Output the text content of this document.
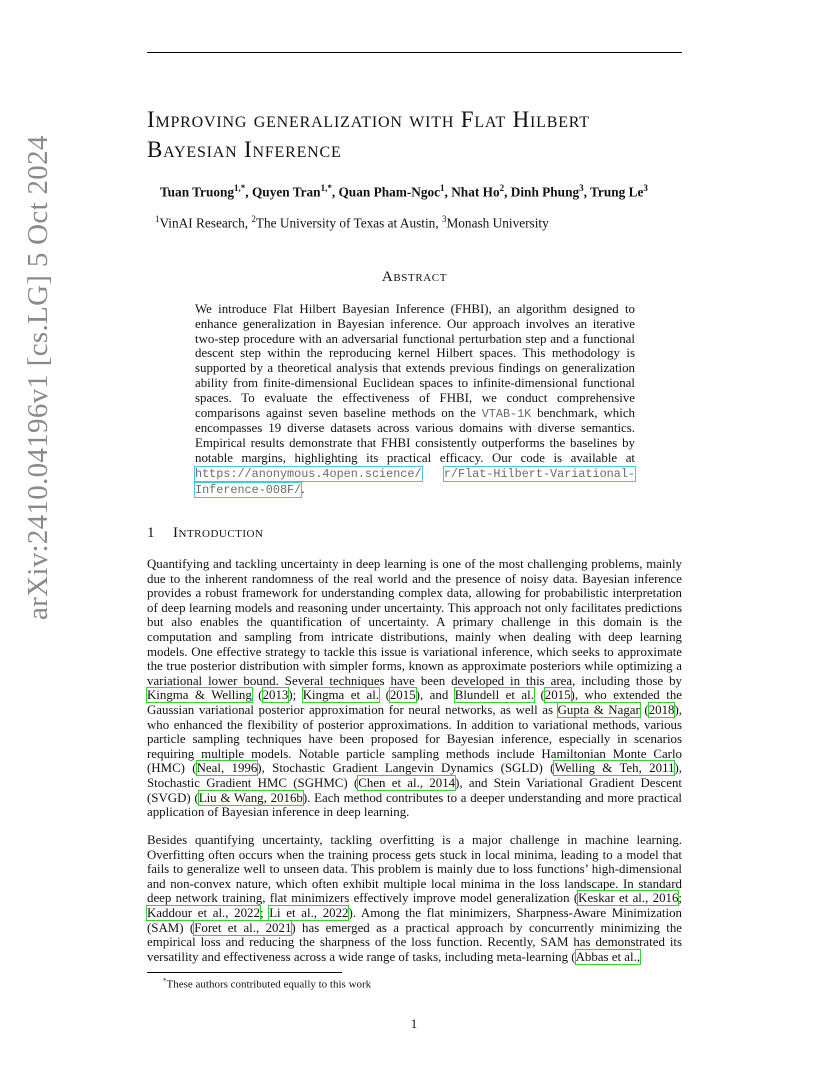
arXiv:2410.04196v1 [cs.LG] 5 Oct 2024
Improving generalization with Flat Hilbert
Bayesian Inference
Tuan Truong$^{1,*}$, Quyen Tran$^{1,*}$, Quan Pham-Ngoc$^1$, Nhat Ho$^2$, Dinh Phung$^3$, Trung Le$^3$
$^1$VinAI Research, $^2$The University of Texas at Austin, $^3$Monash University
Abstract
We introduce Flat Hilbert Bayesian Inference (FHBI), an algorithm designed to enhance generalization in Bayesian inference. Our approach involves an iterative two-step procedure with an adversarial functional perturbation step and a functional descent step within the reproducing kernel Hilbert spaces. This methodology is supported by a theoretical analysis that extends previous findings on generalization ability from finite-dimensional Euclidean spaces to infinite-dimensional functional spaces. To evaluate the effectiveness of FHBI, we conduct comprehensive comparisons against seven baseline methods on the VTAB-1K benchmark, which encompasses 19 diverse datasets across various domains with diverse semantics. Empirical results demonstrate that FHBI consistently outperforms the baselines by notable margins, highlighting its practical efficacy. Our code is available at https://anonymous.4open.science/ r/Flat-Hilbert-Variational-Inference-008F/.
1 Introduction
Quantifying and tackling uncertainty in deep learning is one of the most challenging problems, mainly due to the inherent randomness of the real world and the presence of noisy data. Bayesian inference provides a robust framework for understanding complex data, allowing for probabilistic interpretation of deep learning models and reasoning under uncertainty. This approach not only facilitates predictions but also enables the quantification of uncertainty. A primary challenge in this domain is the computation and sampling from intricate distributions, mainly when dealing with deep learning models. One effective strategy to tackle this issue is variational inference, which seeks to approximate the true posterior distribution with simpler forms, known as approximate posteriors while optimizing a variational lower bound. Several techniques have been developed in this area, including those by Kingma & Welling (2013); Kingma et al. (2015), and Blundell et al. (2015), who extended the Gaussian variational posterior approximation for neural networks, as well as Gupta & Nagar (2018), who enhanced the flexibility of posterior approximations. In addition to variational methods, various particle sampling techniques have been proposed for Bayesian inference, especially in scenarios requiring multiple models. Notable particle sampling methods include Hamiltonian Monte Carlo (HMC) (Neal, 1996), Stochastic Gradient Langevin Dynamics (SGLD) (Welling & Teh, 2011), Stochastic Gradient HMC (SGHMC) (Chen et al., 2014), and Stein Variational Gradient Descent (SVGD) (Liu & Wang, 2016b). Each method contributes to a deeper understanding and more practical application of Bayesian inference in deep learning.
Besides quantifying uncertainty, tackling overfitting is a major challenge in machine learning. Overfitting often occurs when the training process gets stuck in local minima, leading to a model that fails to generalize well to unseen data. This problem is mainly due to loss functions’ high-dimensional and non-convex nature, which often exhibit multiple local minima in the loss landscape. In standard deep network training, flat minimizers effectively improve model generalization (Keskar et al., 2016; Kaddour et al., 2022; Li et al., 2022). Among the flat minimizers, Sharpness-Aware Minimization (SAM) (Foret et al., 2021) has emerged as a practical approach by concurrently minimizing the empirical loss and reducing the sharpness of the loss function. Recently, SAM has demonstrated its versatility and effectiveness across a wide range of tasks, including meta-learning (Abbas et al.,
*These authors contributed equally to this work
1
